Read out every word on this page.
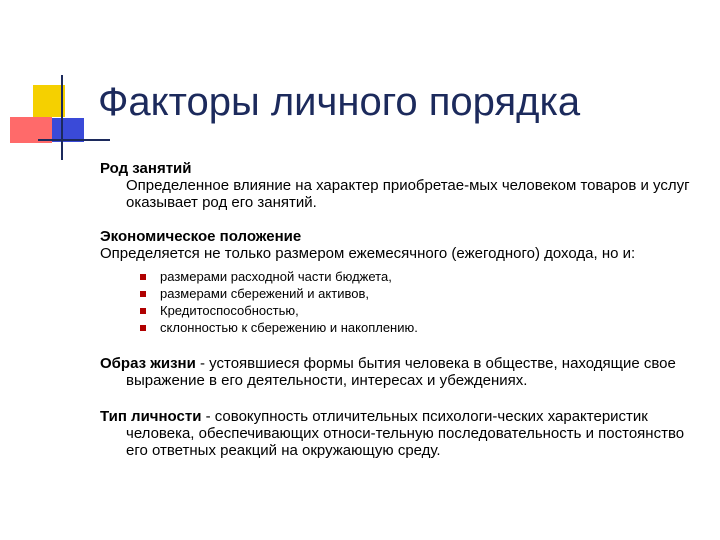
Факторы личного порядка
Род занятий
Определенное влияние на характер приобретае-мых человеком товаров и услуг оказывает род его занятий.
Экономическое положение
Определяется не только размером ежемесячного (ежегодного) дохода, но и:
размерами расходной части бюджета,
размерами сбережений и активов,
Кредитоспособностью,
склонностью к сбережению и накоплению.
Образ жизни - устоявшиеся формы бытия человека в обществе, находящие свое выражение в его деятельности, интересах и убеждениях.
Тип личности - совокупность отличительных психологи-ческих характеристик человека, обеспечивающих относи-тельную последовательность и постоянство его ответных реакций на окружающую среду.
